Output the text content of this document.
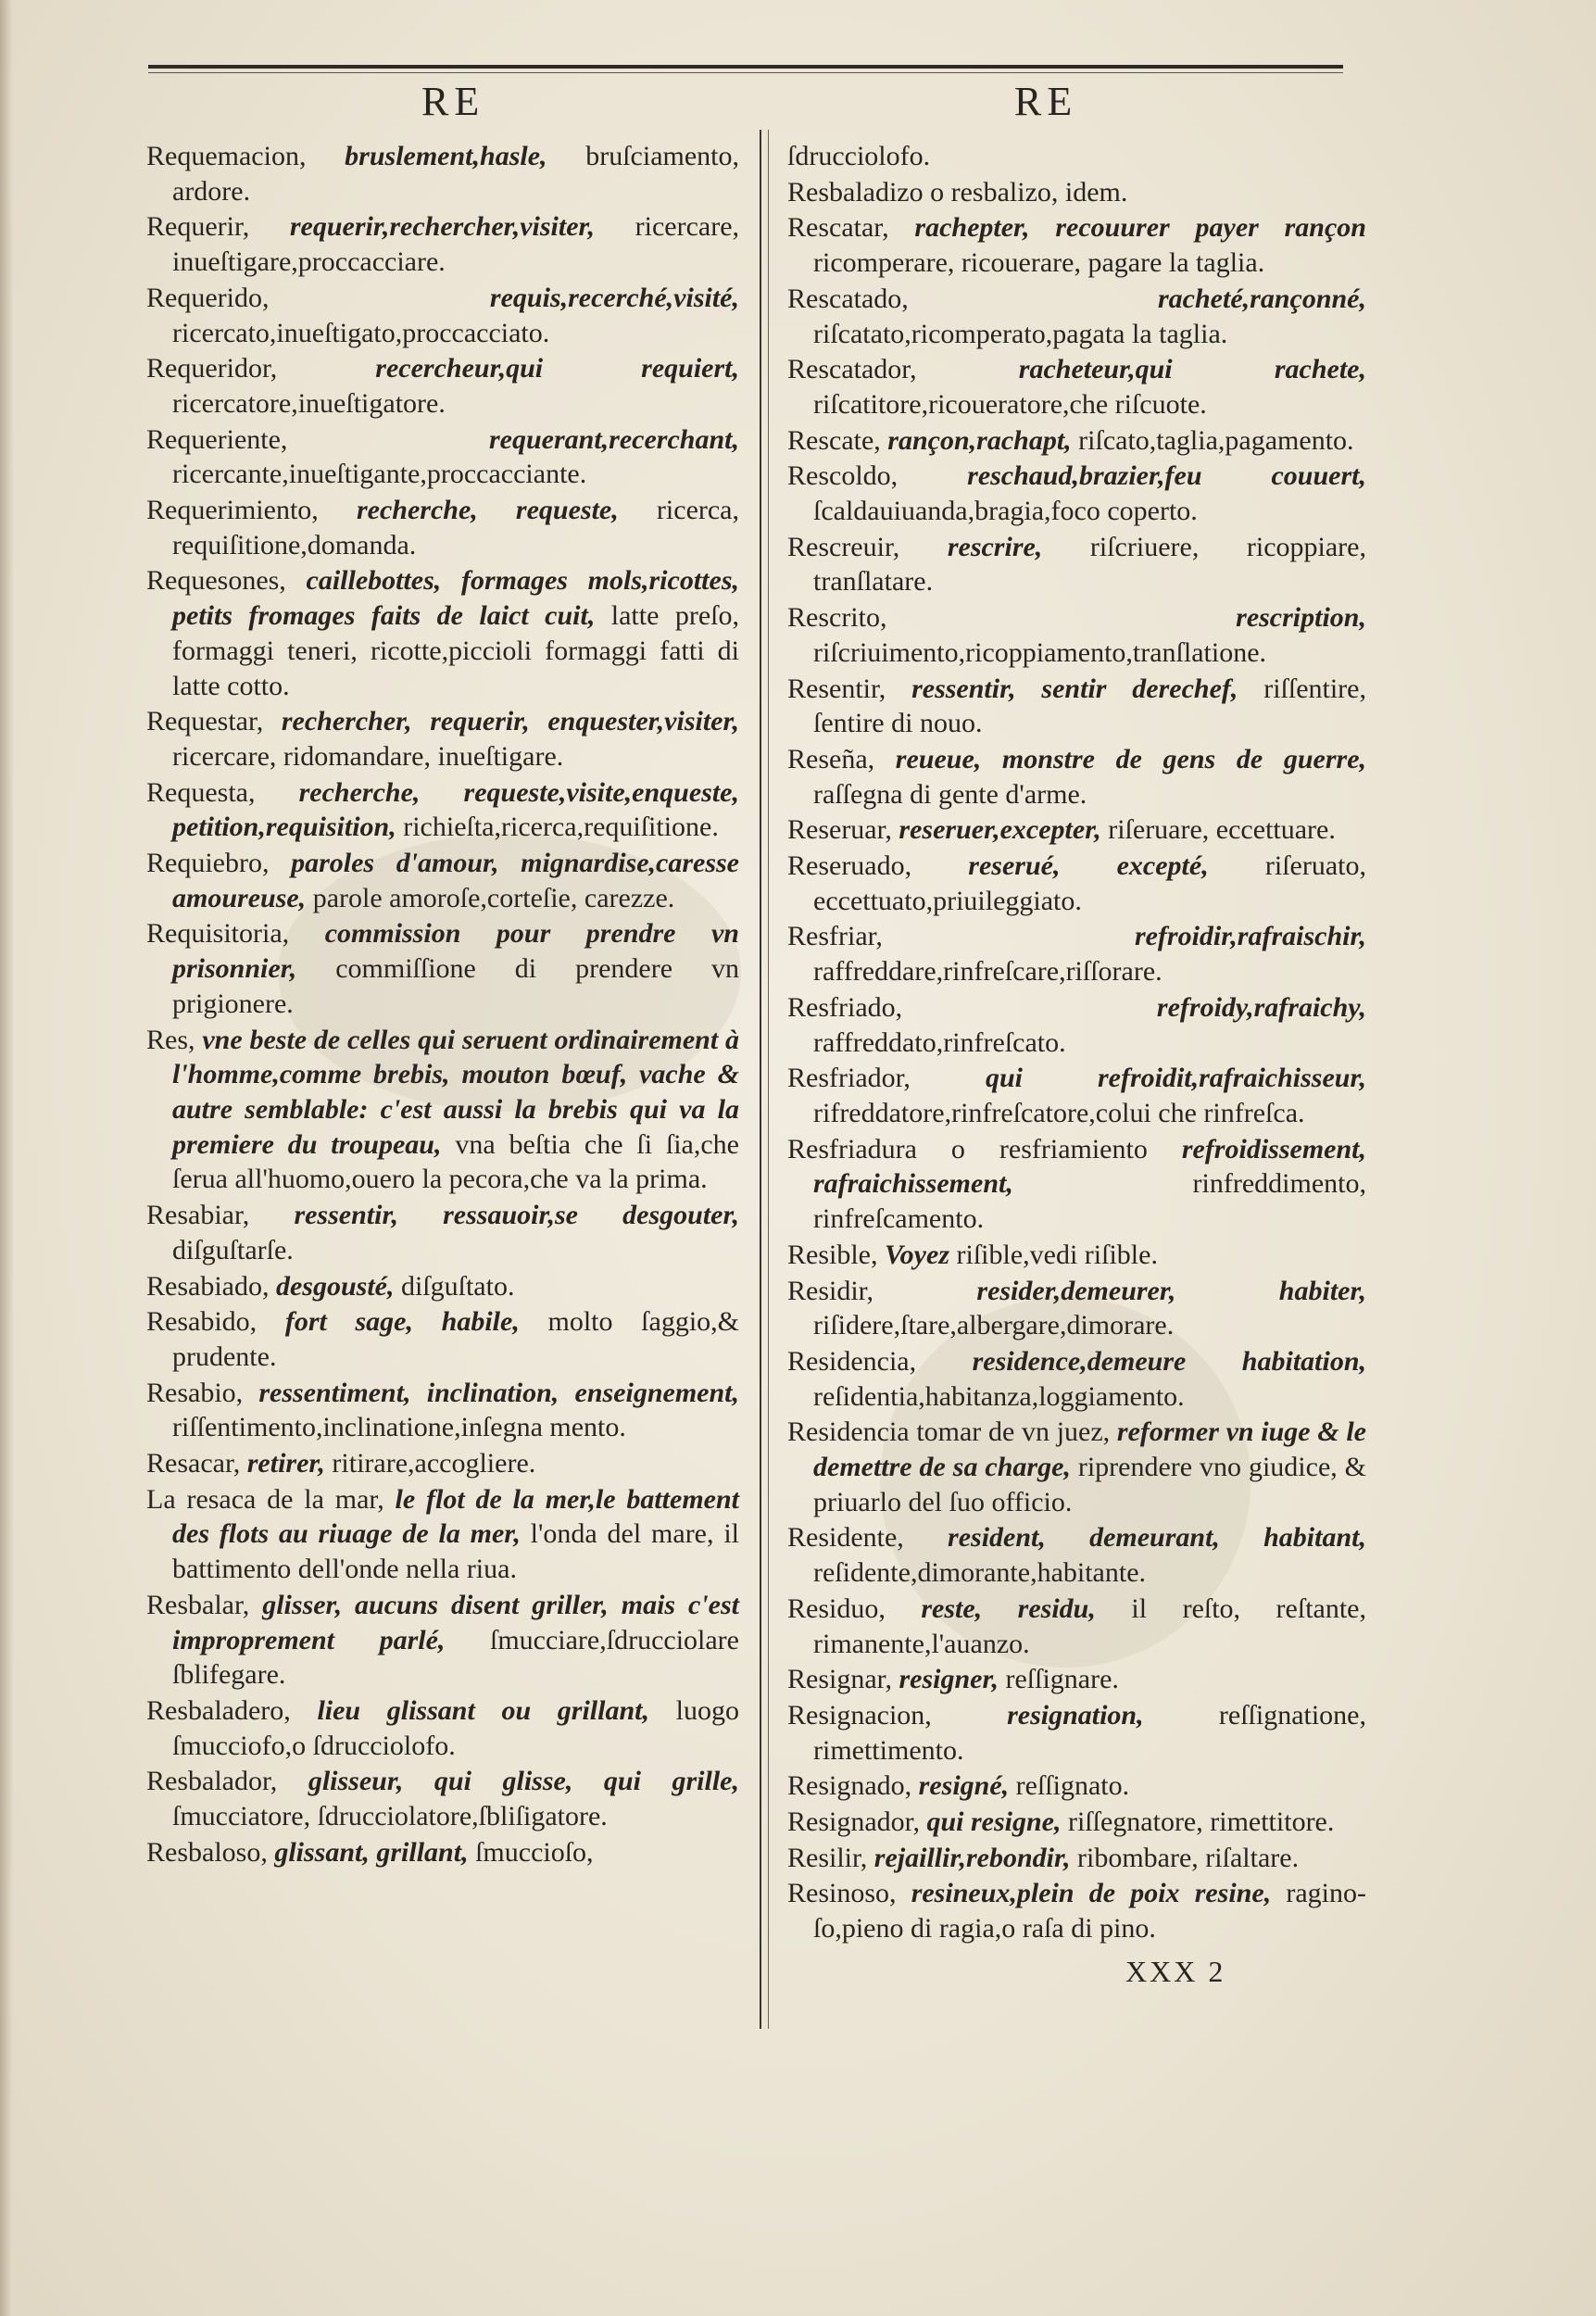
RE	RE
Requemacion, bruslement,hasle, bruſciamento, ardore.
Requerir, requerir,rechercher,visiter, ricercare, inueſtigare,proccacciare.
Requerido,	requis,recerché,visité, ricercato,inueſtigato,proccacciato.
Requeridor,	recercheur,qui requiert, ricercatore,inueſtigatore.
Requeriente,	requerant,recerchant, ricercante,inueſtigante,proccacciante.
Requerimiento, recherche, requeste, ricerca, requiſitione,domanda.
Requesones, caillebottes, formages mols,ricottes, petits fromages faits de laict cuit, latte preſo, formaggi teneri, ricotte,piccioli formaggi fatti di latte cotto.
Requestar, rechercher, requerir, enquester,visiter, ricercare, ridomandare, inueſtigare.
Requesta, recherche, requeste,visite,enqueste, petition,requisition, richieſta,ricerca,requiſitione.
Requiebro, paroles d'amour, mignardise,caresse amoureuse, parole amoroſe,corteſie, carezze.
Requisitoria, commission pour prendre vn prisonnier, commiſſione di prendere vn prigionere.
Res, vne beste de celles qui seruent ordinairement à l'homme,comme brebis, mouton bœuf, vache & autre semblable: c'est aussi la brebis qui va la premiere du troupeau, vna beſtia che ſi ſia,che ſerua all'huomo,ouero la pecora,che va la prima.
Resabiar, ressentir, ressauoir,se desgouter, diſguſtarſe.
Resabiado, desgousté, diſguſtato.
Resabido, fort sage, habile, molto ſaggio,& prudente.
Resabio, ressentiment, inclination, enseignement, riſſentimento,inclinatione,inſegna mento.
Resacar, retirer, ritirare,accogliere.
La resaca de la mar, le flot de la mer,le battement des flots au riuage de la mer, l'onda del mare, il battimento dell'onde nella riua.
Resbalar, glisser, aucuns disent griller, mais c'est improprement parlé, ſmucciare,ſdrucciolare ſblifegare.
Resbaladero, lieu glissant ou grillant, luogo ſmucciofo,o ſdrucciolofo.
Resbalador, glisseur, qui glisse, qui grille, ſmucciatore, ſdrucciolatore,ſbliſigatore.
Resbaloso, glissant, grillant, ſmuccioſo,
ſdrucciolofo.
Resbaladizo o resbalizo, idem.
Rescatar, rachepter, recouurer payer rançon ricomperare, ricouerare, pagare la taglia.
Rescatado,	racheté,rançonné, riſcatato,ricomperato,pagata la taglia.
Rescatador,	racheteur,qui rachete, riſcatitore,ricoueratore,che riſcuote.
Rescate, rançon,rachapt, riſcato,taglia,pagamento.
Rescoldo, reschaud,brazier,feu couuert, ſcaldauiuanda,bragia,foco coperto.
Rescreuir, rescrire, riſcriuere, ricoppiare, tranſlatare.
Rescrito,	rescription, riſcriuimento,ricoppiamento,tranſlatione.
Resentir, ressentir, sentir derechef, riſſentire, ſentire di nouo.
Reseña, reueue, monstre de gens de guerre, raſſegna di gente d'arme.
Reseruar, reseruer,excepter, riſeruare, eccettuare.
Reseruado, reserué, excepté, riſeruato, eccettuato,priuileggiato.
Resfriar,	refroidir,rafraischir, raffreddare,rinfreſcare,riſſorare.
Resfriado,	refroidy,rafraichy, raffreddato,rinfreſcato.
Resfriador,	qui refroidit,rafraichisseur, rifreddatore,rinfreſcatore,colui che rinfreſca.
Resfriadura o resfriamiento refroidissement, rafraichissement,	rinfreddimento, rinfreſcamento.
Resible, Voyez riſible,vedi riſible.
Residir,	resider,demeurer, habiter, riſidere,ſtare,albergare,dimorare.
Residencia, residence,demeure habitation, reſidentia,habitanza,loggiamento.
Residencia tomar de vn juez, reformer vn iuge & le demettre de sa charge, riprendere vno giudice, & priuarlo del ſuo officio.
Residente, resident, demeurant, habitant, reſidente,dimorante,habitante.
Residuo, reste, residu, il reſto, reſtante, rimanente,l'auanzo.
Resignar, resigner, reſſignare.
Resignacion,	resignation,	reſſignatione, rimettimento.
Resignado, resigné, reſſignato.
Resignador, qui resigne, riſſegnatore, rimettitore.
Resilir, rejaillir,rebondir, ribombare, riſaltare.
Resinoso, resineux,plein de poix resine, ragino-ſo,pieno di ragia,o raſa di pino.
XXX 2
